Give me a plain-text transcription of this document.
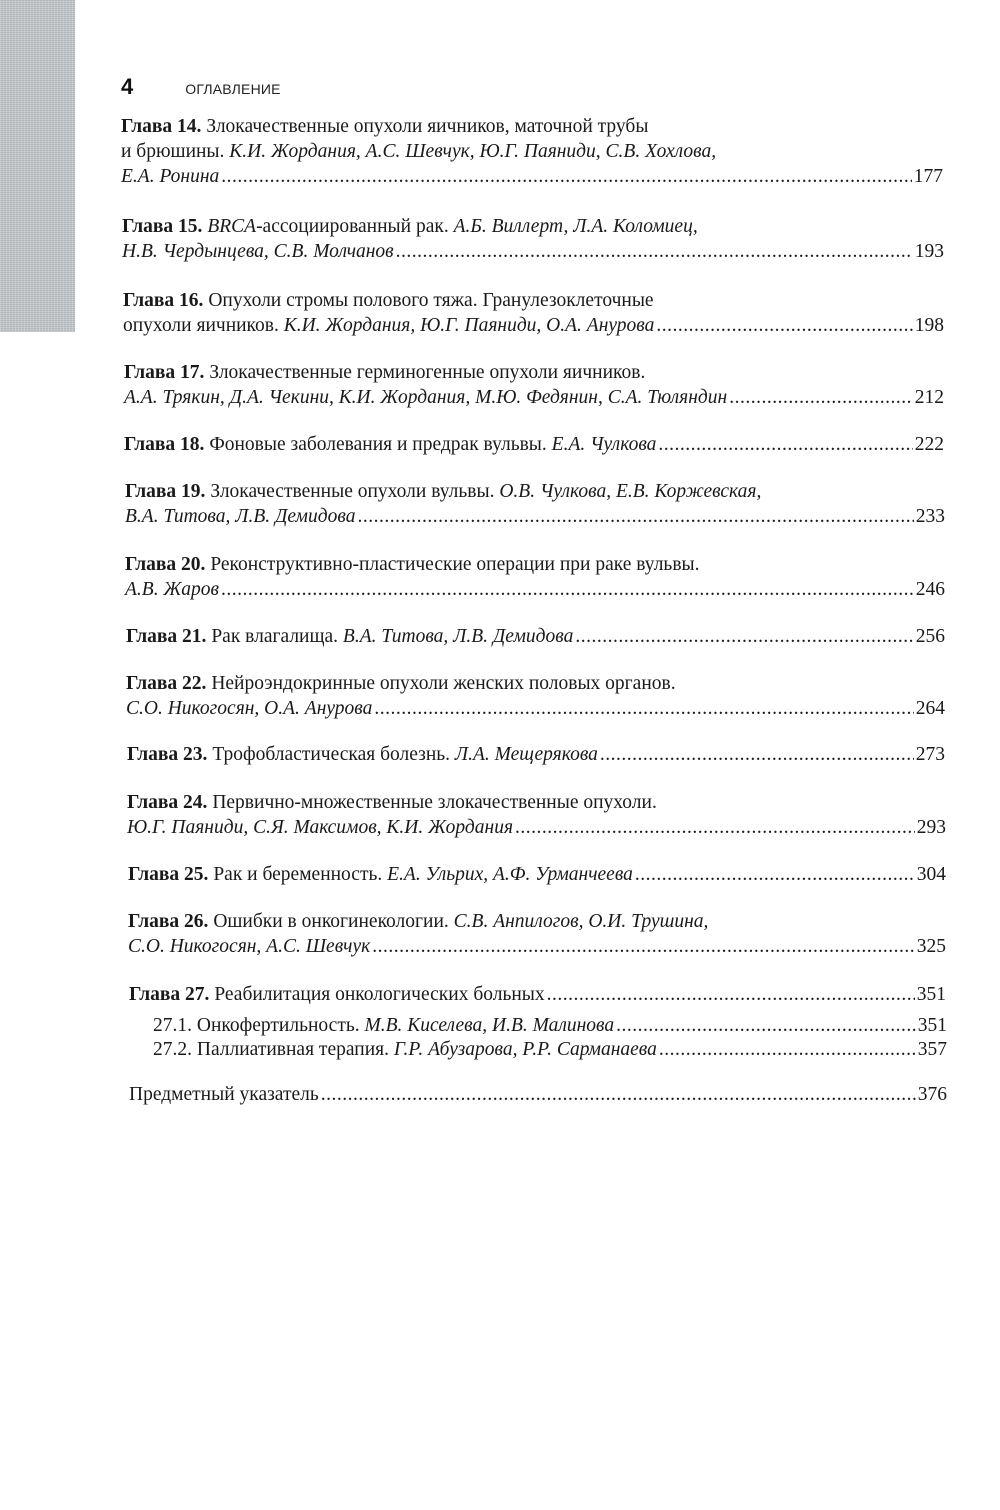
4	ОГЛАВЛЕНИЕ
Глава 14. Злокачественные опухоли яичников, маточной трубы
и брюшины. К.И. Жордания, А.С. Шевчук, Ю.Г. Паяниди, С.В. Хохлова,
Е.А. Ронина .....	177
Глава 15. BRCA-ассоциированный рак. А.Б. Виллерт, Л.А. Коломиец,
Н.В. Чердынцева, С.В. Молчанов .....	193
Глава 16. Опухоли стромы полового тяжа. Гранулезоклеточные
опухоли яичников.
К.И. Жордания, Ю.Г. Паяниди, О.А. Анурова .....	198
Глава 17. Злокачественные герминогенные опухоли яичников.
А.А. Трякин, Д.А. Чекини, К.И. Жордания, М.Ю. Федянин, С.А. Тюляндин .....	212
Глава 18.
Фоновые заболевания и предрак вульвы.
Е.А. Чулкова .....	222
Глава 19. Злокачественные опухоли вульвы. О.В. Чулкова, Е.В. Коржевская,
В.А. Титова, Л.В. Демидова .....	233
Глава 20. Реконструктивно-пластические операции при раке вульвы.
А.В. Жаров .....	246
Глава 21.
Рак влагалища.
В.А. Титова, Л.В. Демидова .....	256
Глава 22. Нейроэндокринные опухоли женских половых органов.
С.О. Никогосян, О.А. Анурова .....	264
Глава 23.
Трофобластическая болезнь.
Л.А. Мещерякова .....	273
Глава 24. Первично-множественные злокачественные опухоли.
Ю.Г. Паяниди, С.Я. Максимов, К.И. Жордания .....	293
Глава 25.
Рак и беременность.
Е.А. Ульрих, А.Ф. Урманчеева .....	304
Глава 26. Ошибки в онкогинекологии. С.В. Анпилогов, О.И. Трушина,
С.О. Никогосян, А.С. Шевчук .....	325
Глава 27.
Реабилитация онкологических больных .....	351
27.1.
Онкофертильность.
М.В. Киселева, И.В. Малинова .....	351
27.2.
Паллиативная терапия.
Г.Р. Абузарова, Р.Р. Сарманаева .....	357
Предметный указатель .....	376
